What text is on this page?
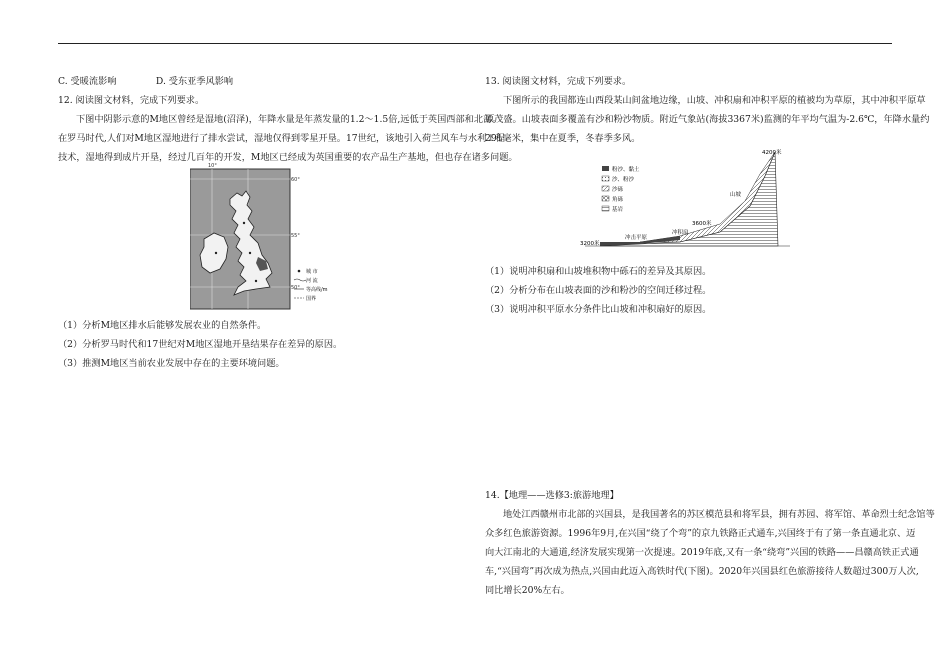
C. 受暖流影响	D. 受东亚季风影响

12. 阅读图文材料，完成下列要求。

下图中阴影示意的M地区曾经是湿地(沼泽)，年降水量是年蒸发量的1.2～1.5倍,远低于英国西部和北部。

在罗马时代,人们对M地区湿地进行了排水尝试，湿地仅得到零星开垦。17世纪，该地引入荷兰风车与水利工程

技术，湿地得到成片开垦，经过几百年的开发，M地区已经成为英国重要的农产品生产基地，但也存在诸多问题。

10°
60°
55°
50°
城 市
河 流
等高线/m
国界

（1）分析M地区排水后能够发展农业的自然条件。

（2）分析罗马时代和17世纪对M地区湿地开垦结果存在差异的原因。

（3）推测M地区当前农业发展中存在的主要环境问题。

13. 阅读图文材料，完成下列要求。

下图所示的我国都连山西段某山间盆地边缘，山坡、冲积扇和冲积平原的植被均为草原，其中冲积平原草

原茂盛。山坡表面多覆盖有沙和粉沙物质。附近气象站(海拔3367米)监测的年平均气温为-2.6℃，年降水量约

291毫米，集中在夏季，冬春季多风。

粉沙、黏土
沙、粉沙
沙砾
角砾
基岩
4200米
山坡
3600米
冲积扇
冲击平原
3200米

（1）说明冲积扇和山坡堆积物中砾石的差异及其原因。

（2）分析分布在山坡表面的沙和粉沙的空间迁移过程。

（3）说明冲积平原水分条件比山坡和冲积扇好的原因。

14.【地理——选修3:旅游地理】

地处江西赣州市北部的兴国县，是我国著名的苏区模范县和将军县，拥有苏园、将军馆、革命烈士纪念馆等

众多红色旅游资源。1996年9月,在兴国“绕了个弯”的京九铁路正式通车,兴国终于有了第一条直通北京、迈

向大江南北的大通道,经济发展实现第一次提速。2019年底,又有一条“绕弯”兴国的铁路——昌赣高铁正式通

车,“兴国弯”再次成为热点,兴国由此迈入高铁时代(下图)。2020年兴国县红色旅游接待人数超过300万人次,

同比增长20%左右。
